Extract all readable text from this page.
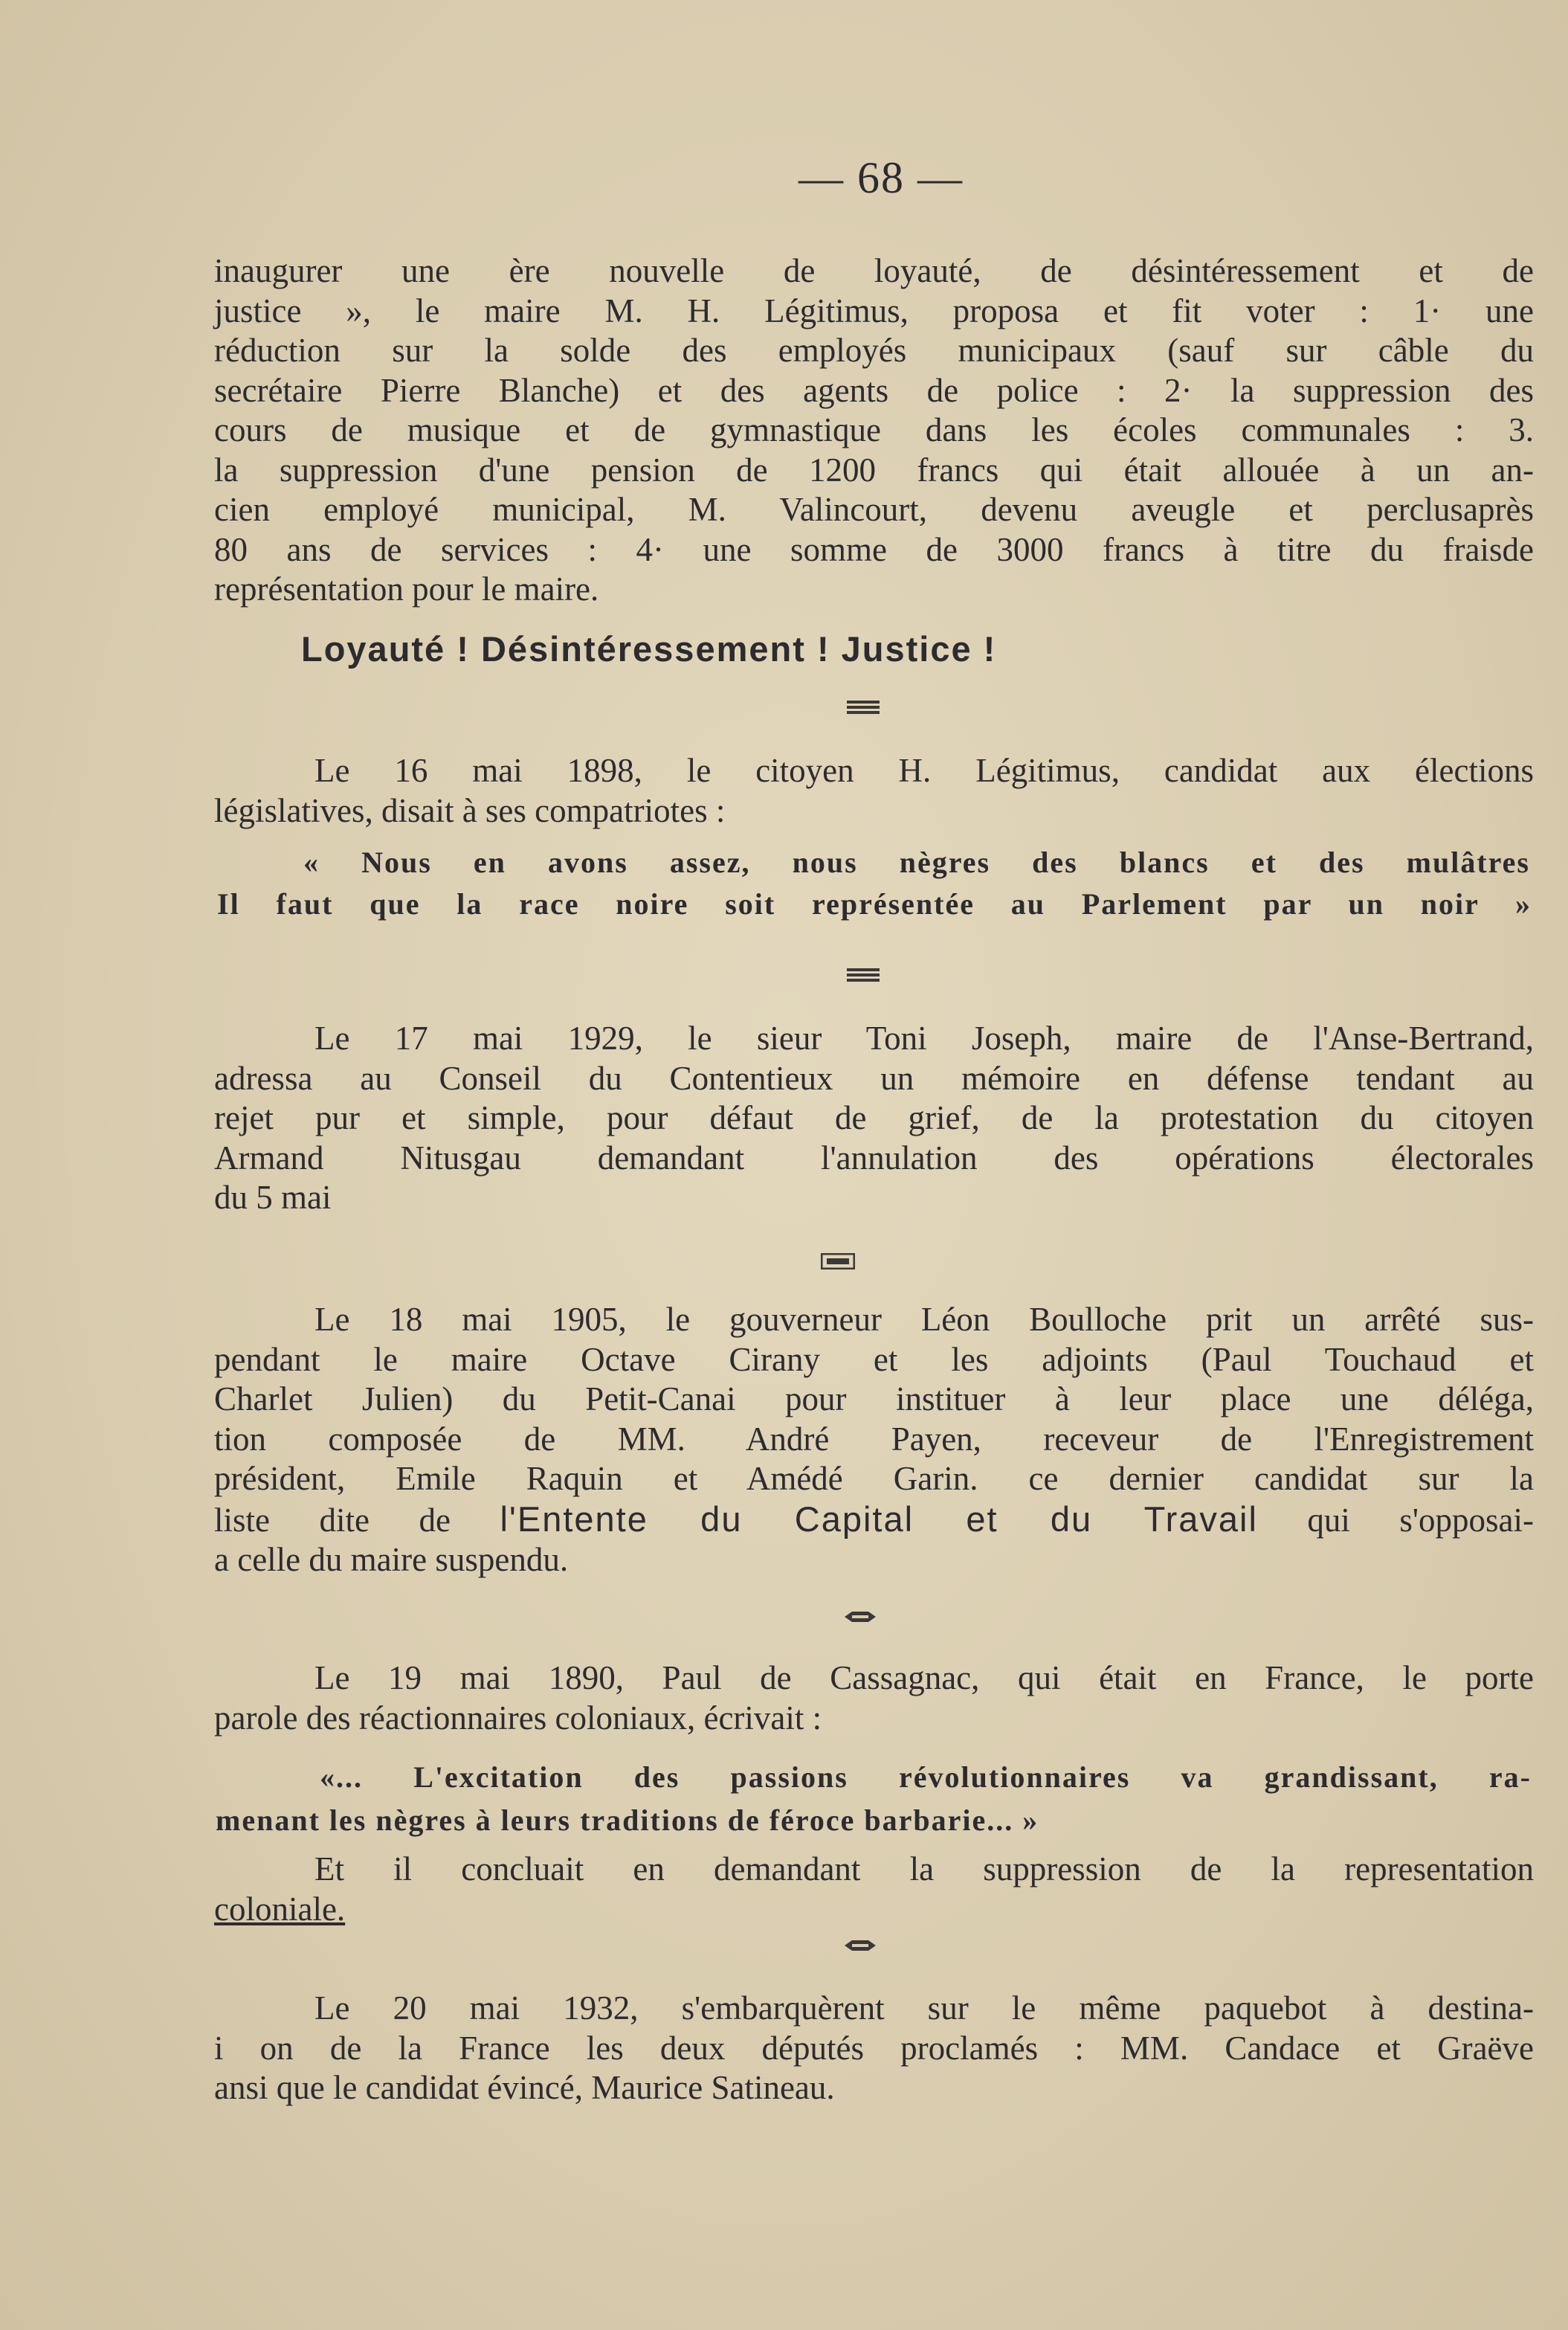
— 68 —
inaugurer une ère nouvelle de loyauté, de désintéressement et de
justice », le maire M. H. Légitimus, proposa et fit voter : 1· une
réduction sur la solde des employés municipaux (sauf sur câble du
secrétaire Pierre Blanche) et des agents de police : 2· la suppression des
cours de musique et de gymnastique dans les écoles communales : 3.
la suppression d'une pension de 1200 francs qui était allouée à un an-
cien employé municipal, M. Valincourt, devenu aveugle et perclusaprès
80 ans de services : 4· une somme de 3000 francs à titre du fraisde
représentation pour le maire.
Loyauté ! Désintéressement ! Justice !
Le 16 mai 1898, le citoyen H. Légitimus, candidat aux élections
législatives, disait à ses compatriotes :
« Nous en avons assez, nous nègres des blancs et des mulâtres
Il faut que la race noire soit représentée au Parlement par un noir »
Le 17 mai 1929, le sieur Toni Joseph, maire de l'Anse-Bertrand,
adressa au Conseil du Contentieux un mémoire en défense tendant au
rejet pur et simple, pour défaut de grief, de la protestation du citoyen
Armand Nitusgau demandant l'annulation des opérations électorales
du 5 mai
Le 18 mai 1905, le gouverneur Léon Boulloche prit un arrêté sus-
pendant le maire Octave Cirany et les adjoints (Paul Touchaud et
Charlet Julien) du Petit-Canai pour instituer à leur place une déléga,
tion composée de MM. André Payen, receveur de l'Enregistrement
président, Emile Raquin et Amédé Garin. ce dernier candidat sur la
liste dite de l'Entente du Capital et du Travail qui s'opposai-
a celle du maire suspendu.
Le 19 mai 1890, Paul de Cassagnac, qui était en France, le porte
parole des réactionnaires coloniaux, écrivait :
«... L'excitation des passions révolutionnaires va grandissant, ra-
menant les nègres à leurs traditions de féroce barbarie... »
Et il concluait en demandant la suppression de la representation
coloniale.
Le 20 mai 1932, s'embarquèrent sur le même paquebot à destina-
i on de la France les deux députés proclamés : MM. Candace et Graëve
ansi que le candidat évincé, Maurice Satineau.
